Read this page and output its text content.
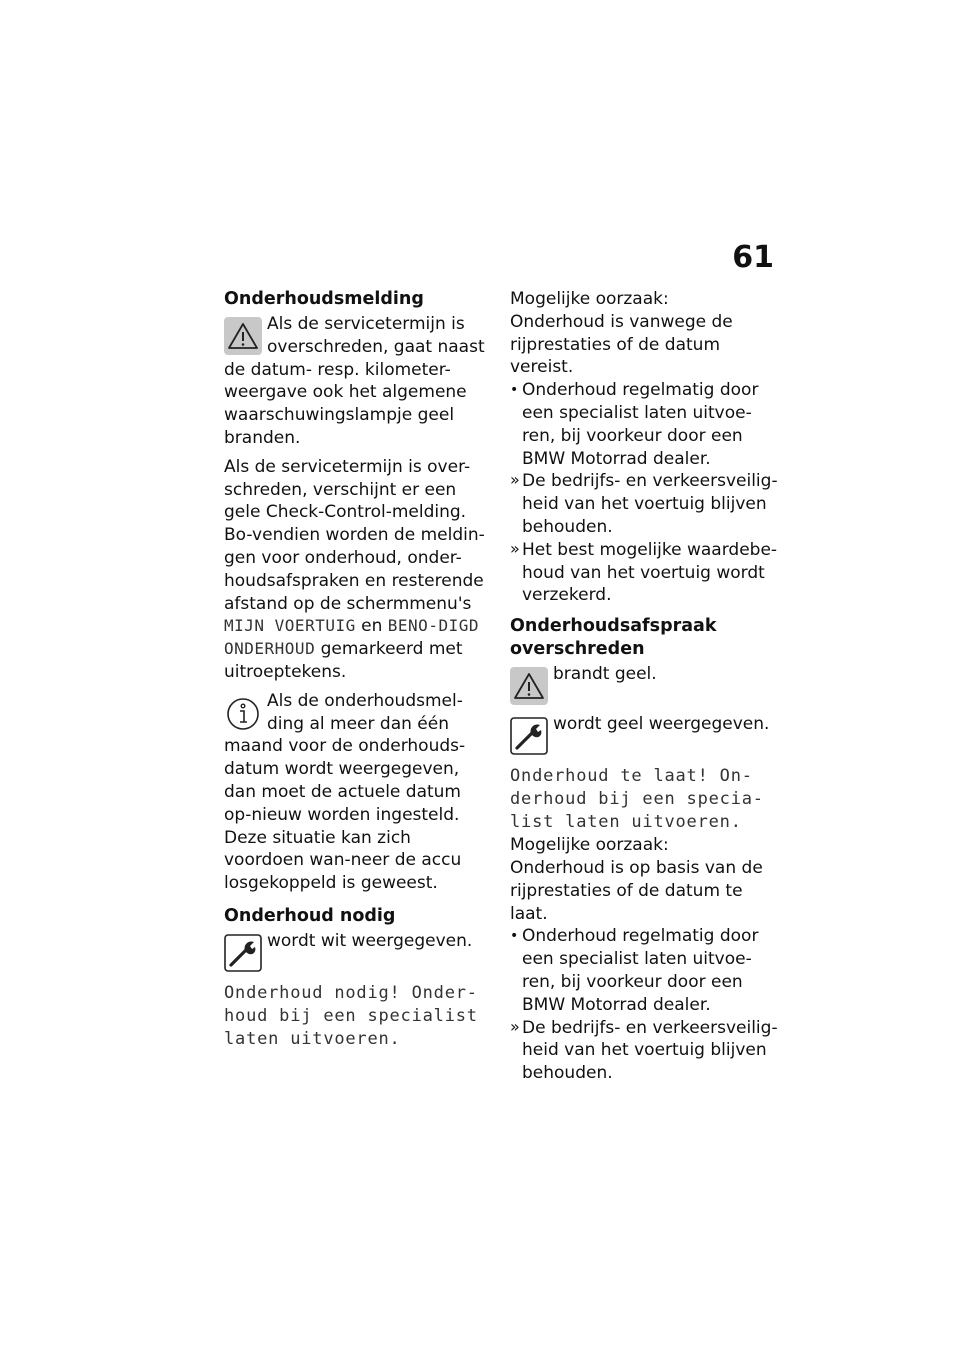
61
Onderhoudsmelding
Als de servicetermijn is overschreden, gaat naast de datum- resp. kilometer-weergave ook het algemene waarschuwingslampje geel branden.
Als de servicetermijn is over-schreden, verschijnt er een gele Check-Control-melding. Bo-vendien worden de meldin-gen voor onderhoud, onder-houdsafspraken en resterende afstand op de schermmenu's MIJN VOERTUIG en BENO-DIGD ONDERHOUD gemarkeerd met uitroeptekens.
Als de onderhoudsmel-ding al meer dan één maand voor de onderhouds-datum wordt weergegeven, dan moet de actuele datum op-nieuw worden ingesteld. Deze situatie kan zich voordoen wan-neer de accu losgekoppeld is geweest.
Onderhoud nodig
wordt wit weergegeven.
Onderhoud nodig! Onder-houd bij een specialist laten uitvoeren.
Mogelijke oorzaak:
Onderhoud is vanwege de rijprestaties of de datum vereist.
• Onderhoud regelmatig door een specialist laten uitvoe-ren, bij voorkeur door een BMW Motorrad dealer.
» De bedrijfs- en verkeersveilig-heid van het voertuig blijven behouden.
» Het best mogelijke waardebe-houd van het voertuig wordt verzekerd.
Onderhoudsafspraak overschreden
brandt geel.
wordt geel weergegeven.
Onderhoud te laat! On-derhoud bij een specia-list laten uitvoeren.
Mogelijke oorzaak:
Onderhoud is op basis van de rijprestaties of de datum te laat.
• Onderhoud regelmatig door een specialist laten uitvoe-ren, bij voorkeur door een BMW Motorrad dealer.
» De bedrijfs- en verkeersveilig-heid van het voertuig blijven behouden.
